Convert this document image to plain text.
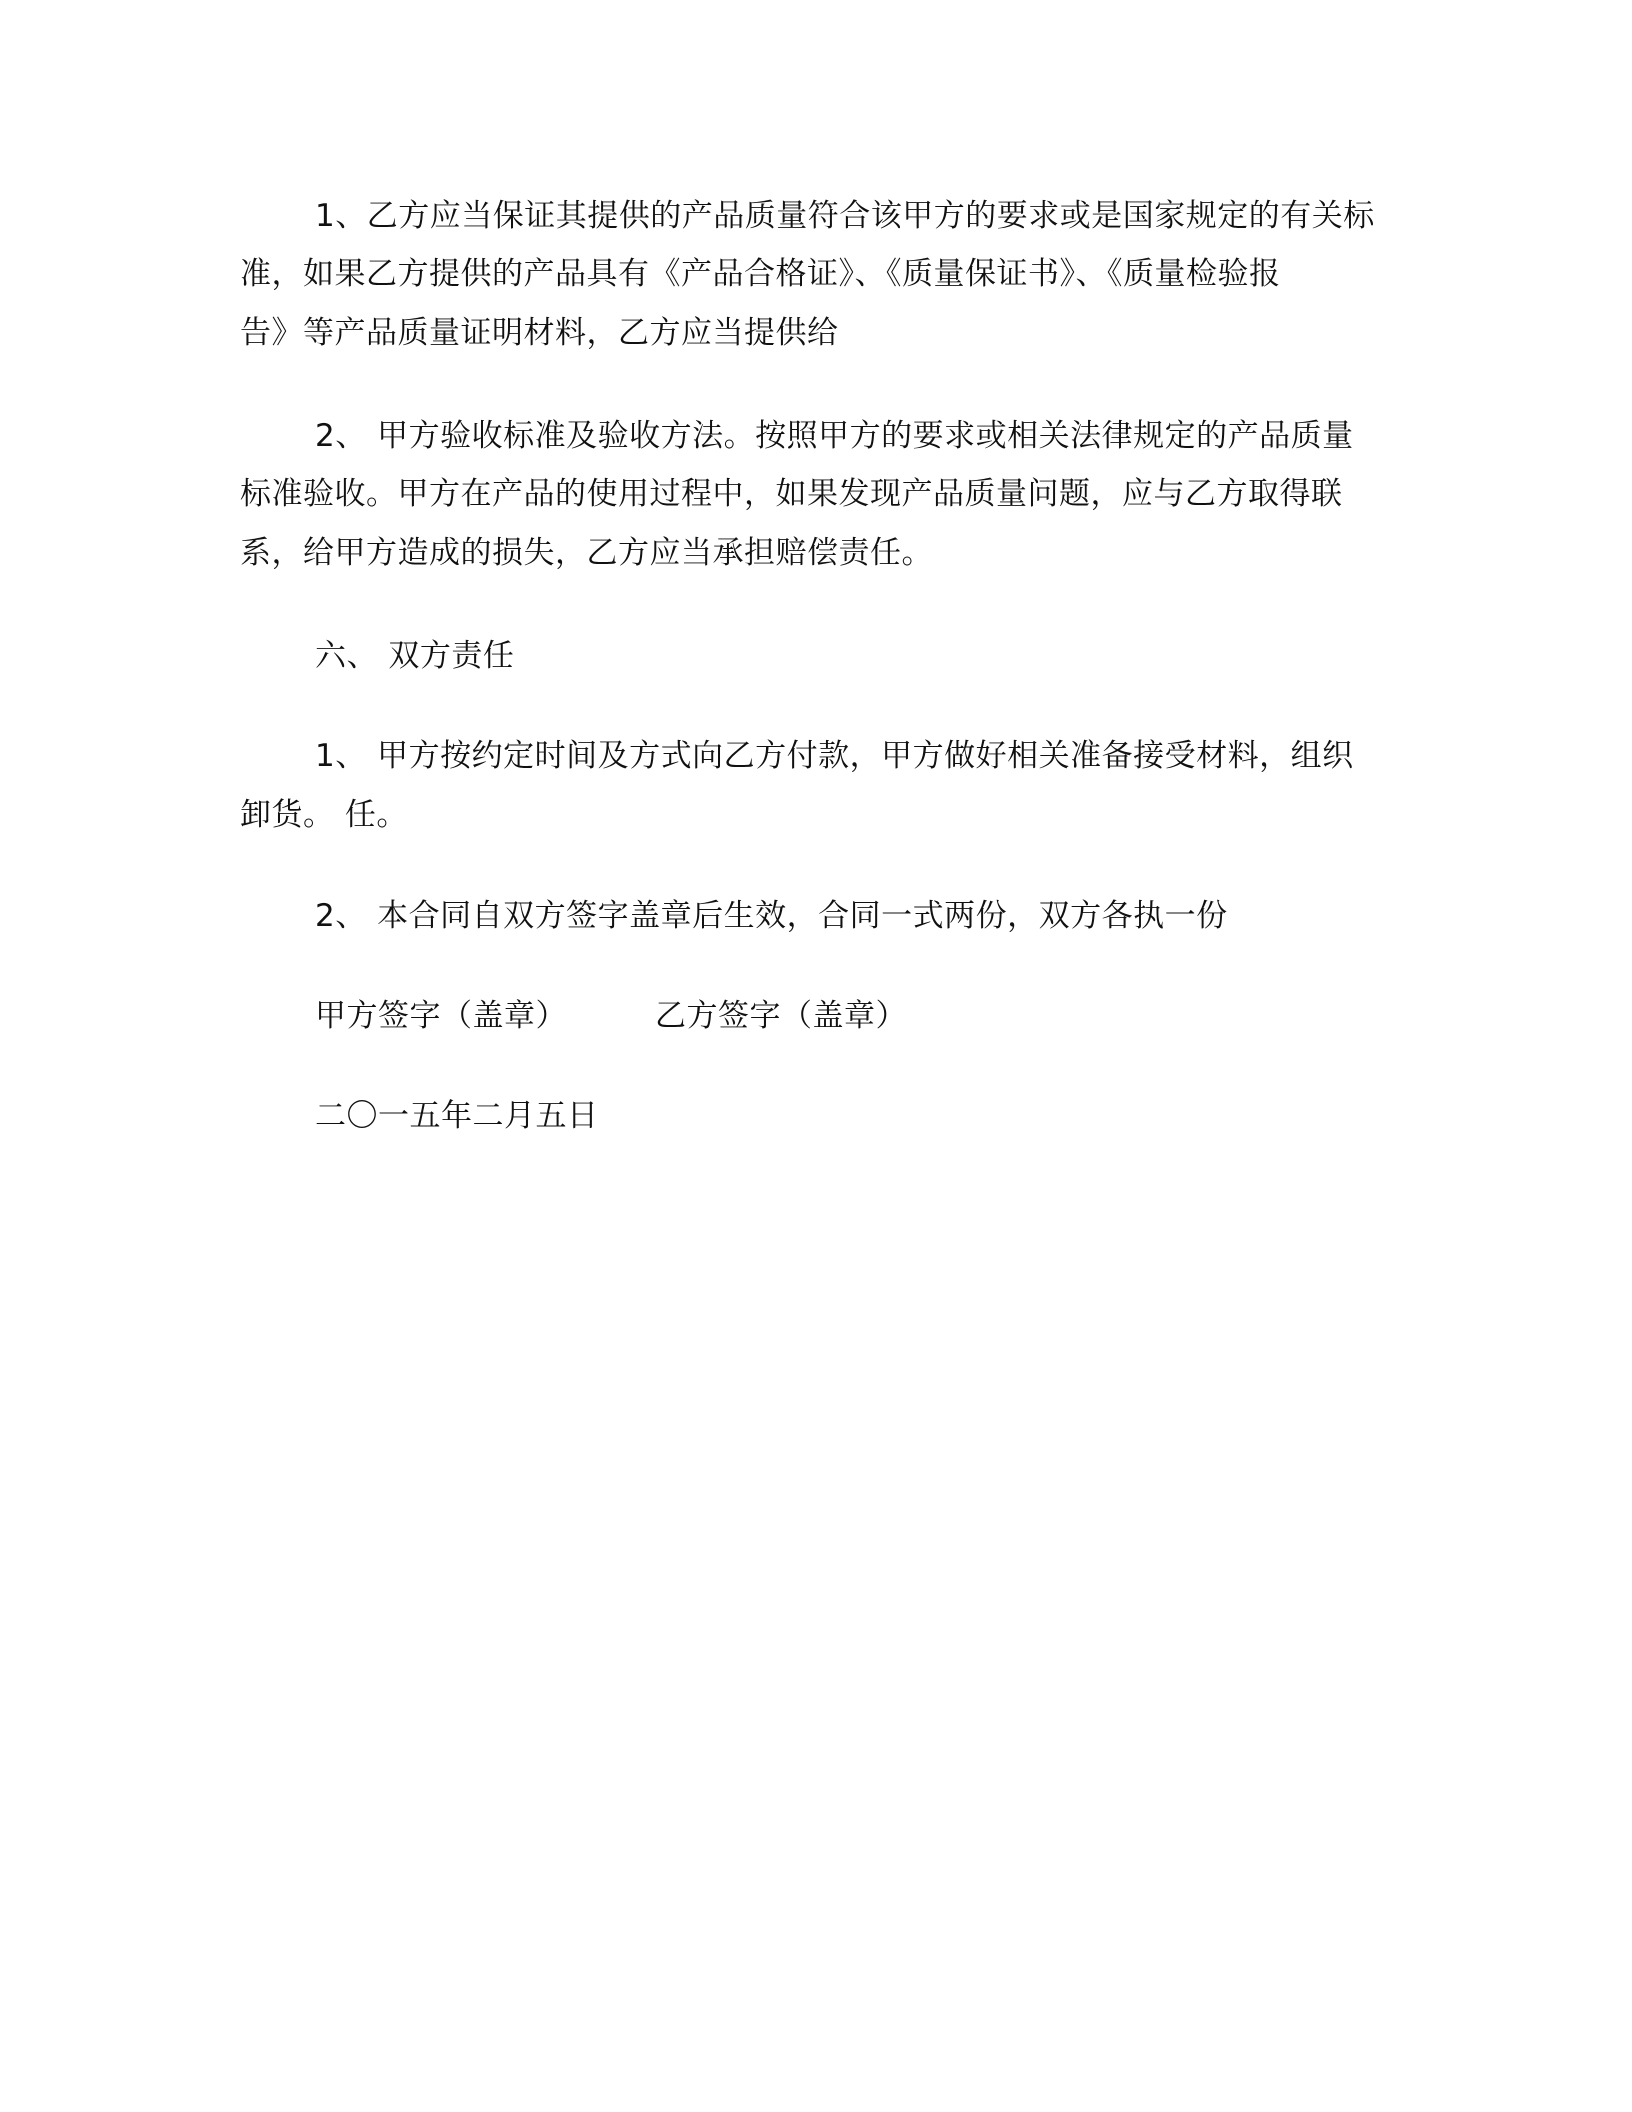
1、乙方应当保证其提供的产品质量符合该甲方的要求或是国家规定的有关标
准，如果乙方提供的产品具有《产品合格证》、《质量保证书》、《质量检验报
告》等产品质量证明材料，乙方应当提供给
2、 甲方验收标准及验收方法。按照甲方的要求或相关法律规定的产品质量
标准验收。甲方在产品的使用过程中，如果发现产品质量问题，应与乙方取得联
系，给甲方造成的损失，乙方应当承担赔偿责任。
六、 双方责任
1、 甲方按约定时间及方式向乙方付款，甲方做好相关准备接受材料，组织
卸货。 任。
2、 本合同自双方签字盖章后生效，合同一式两份，双方各执一份
甲方签字（盖章）	乙方签字（盖章）
二〇一五年二月五日
